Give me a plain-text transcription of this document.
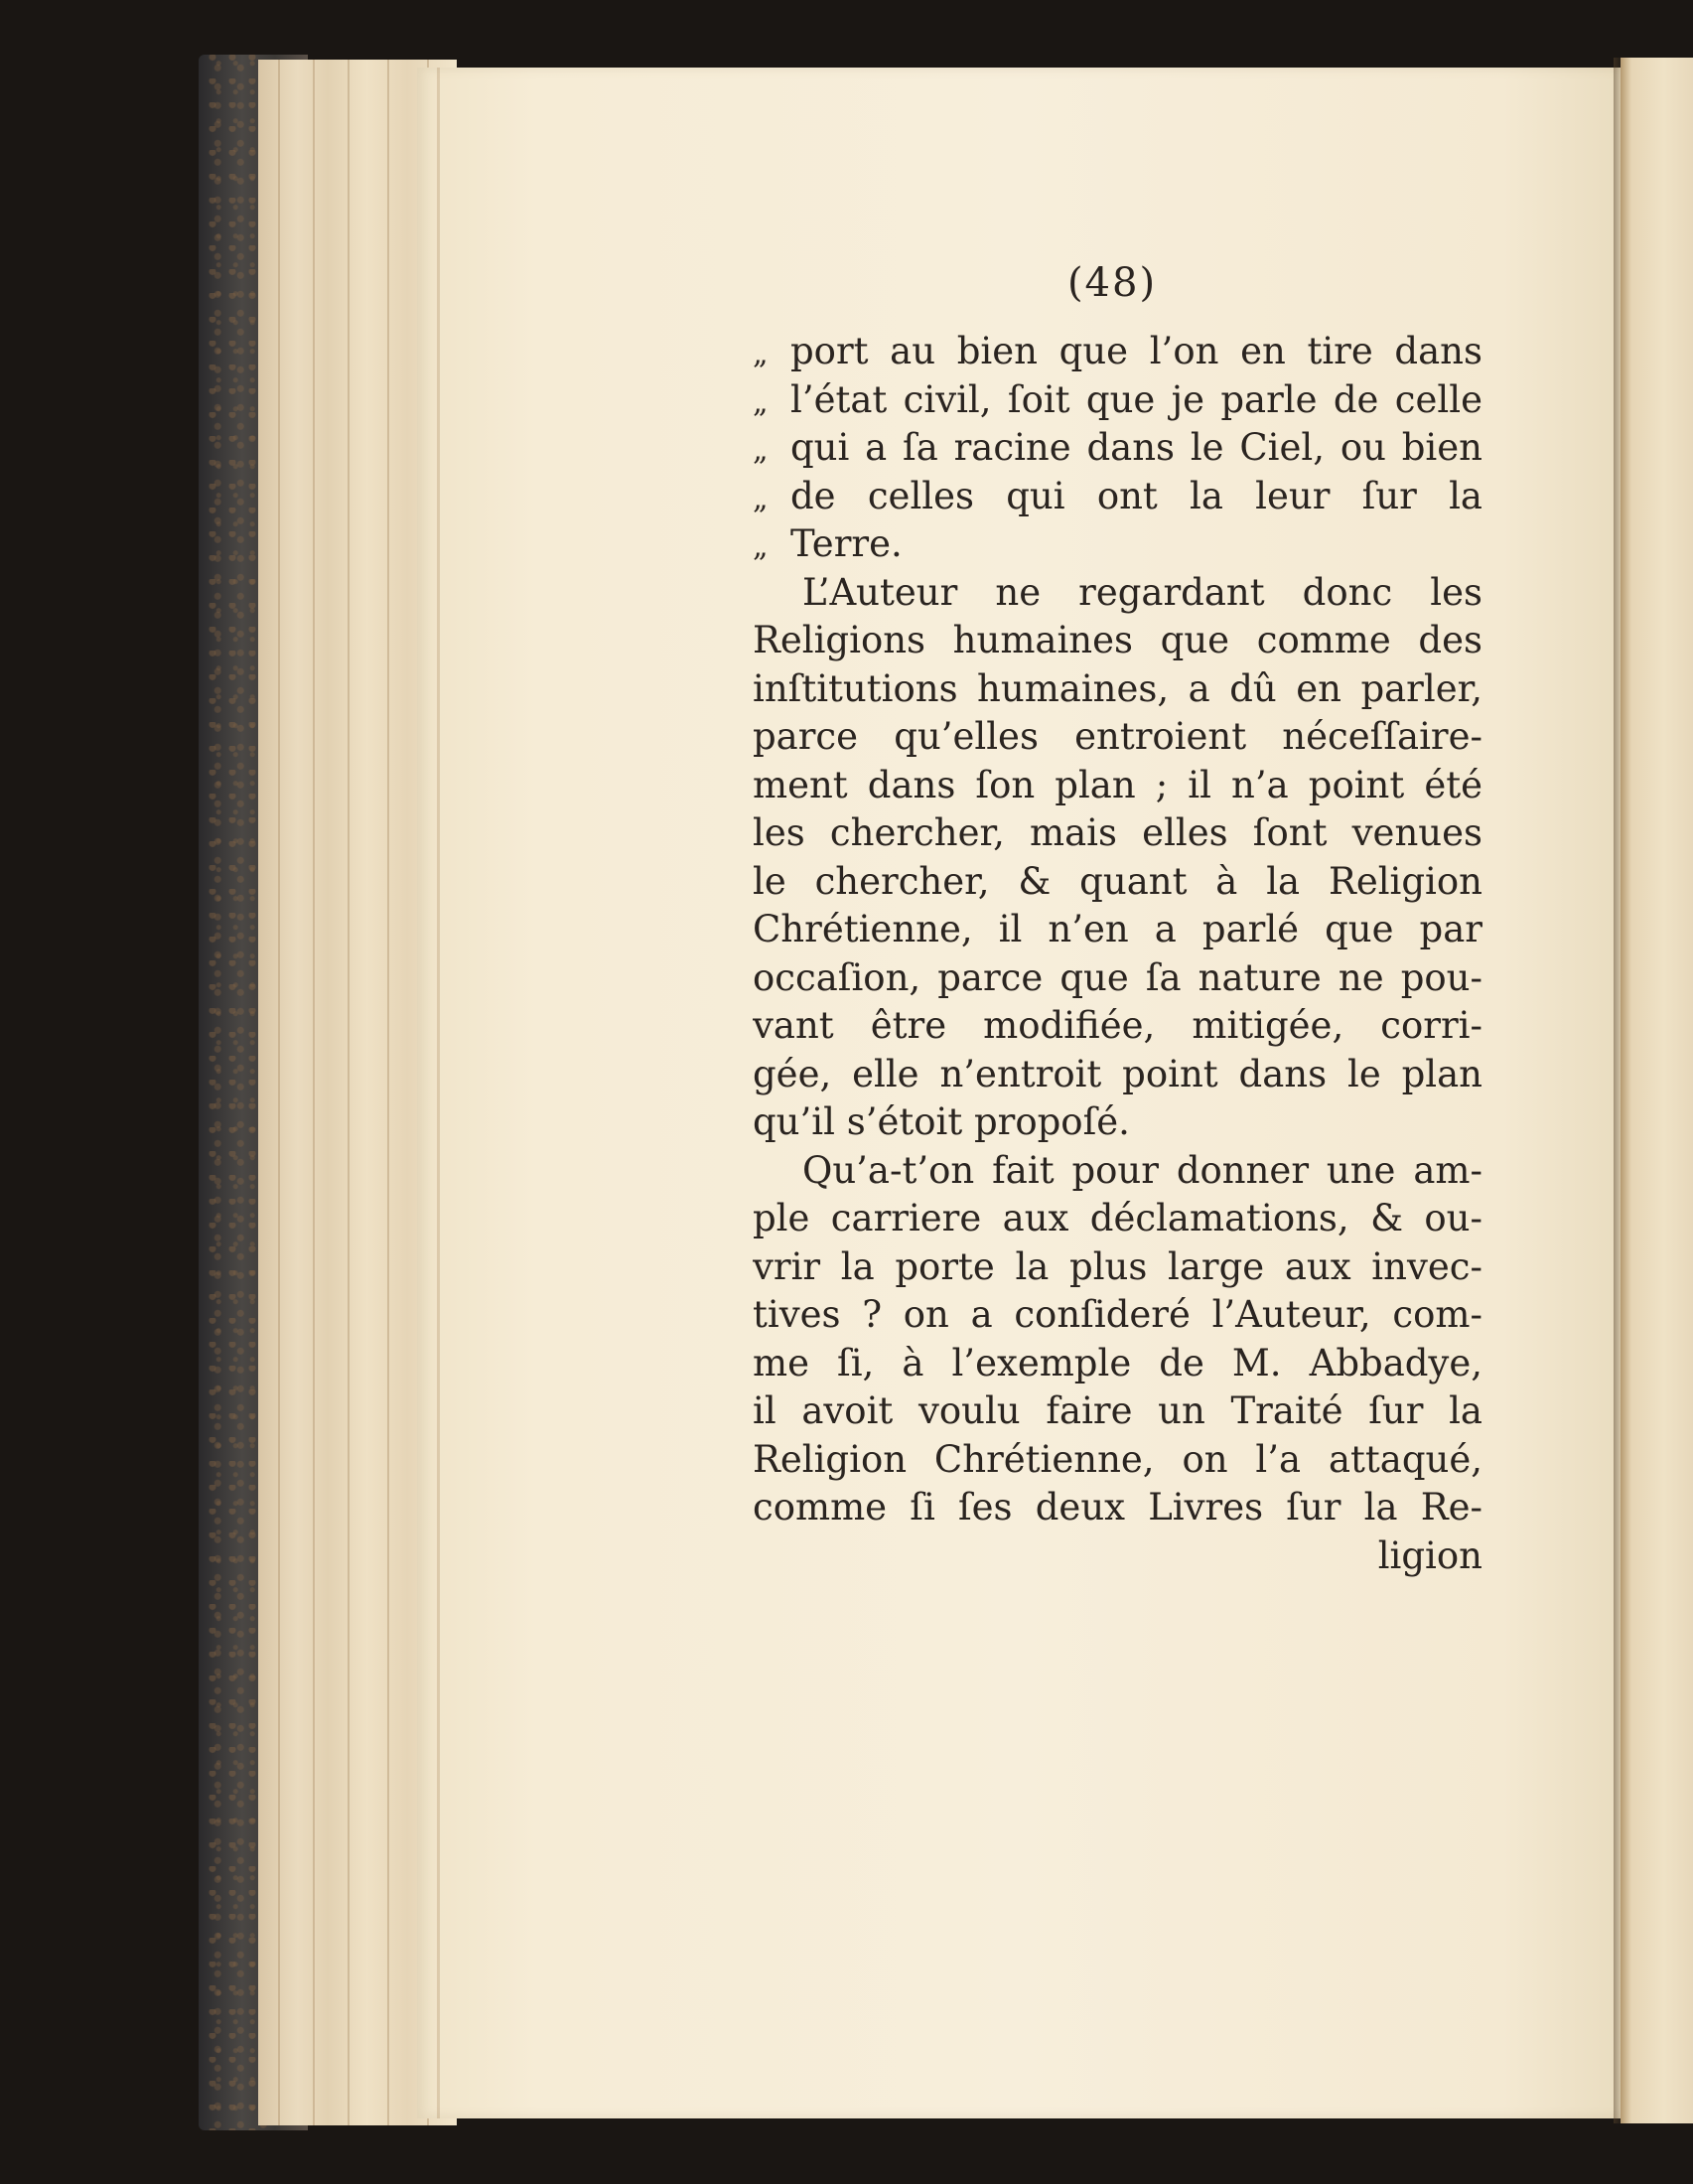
(48)
„ port au bien que l’on en tire dans
„ l’état civil, ſoit que je parle de celle
„ qui a ſa racine dans le Ciel, ou bien
„ de celles qui ont la leur ſur la
„ Terre.
L’Auteur ne regardant donc les
Religions humaines que comme des
inſtitutions humaines, a dû en parler,
parce qu’elles entroient néceſſaire-
ment dans ſon plan ; il n’a point été
les chercher, mais elles ſont venues
le chercher, & quant à la Religion
Chrétienne, il n’en a parlé que par
occaſion, parce que ſa nature ne pou-
vant être modifiée, mitigée, corri-
gée, elle n’entroit point dans le plan
qu’il s’étoit propoſé.
Qu’a-t’on fait pour donner une am-
ple carriere aux déclamations, & ou-
vrir la porte la plus large aux invec-
tives ? on a conſideré l’Auteur, com-
me ſi, à l’exemple de M. Abbadye,
il avoit voulu faire un Traité ſur la
Religion Chrétienne, on l’a attaqué,
comme ſi ſes deux Livres ſur la Re-
ligion
